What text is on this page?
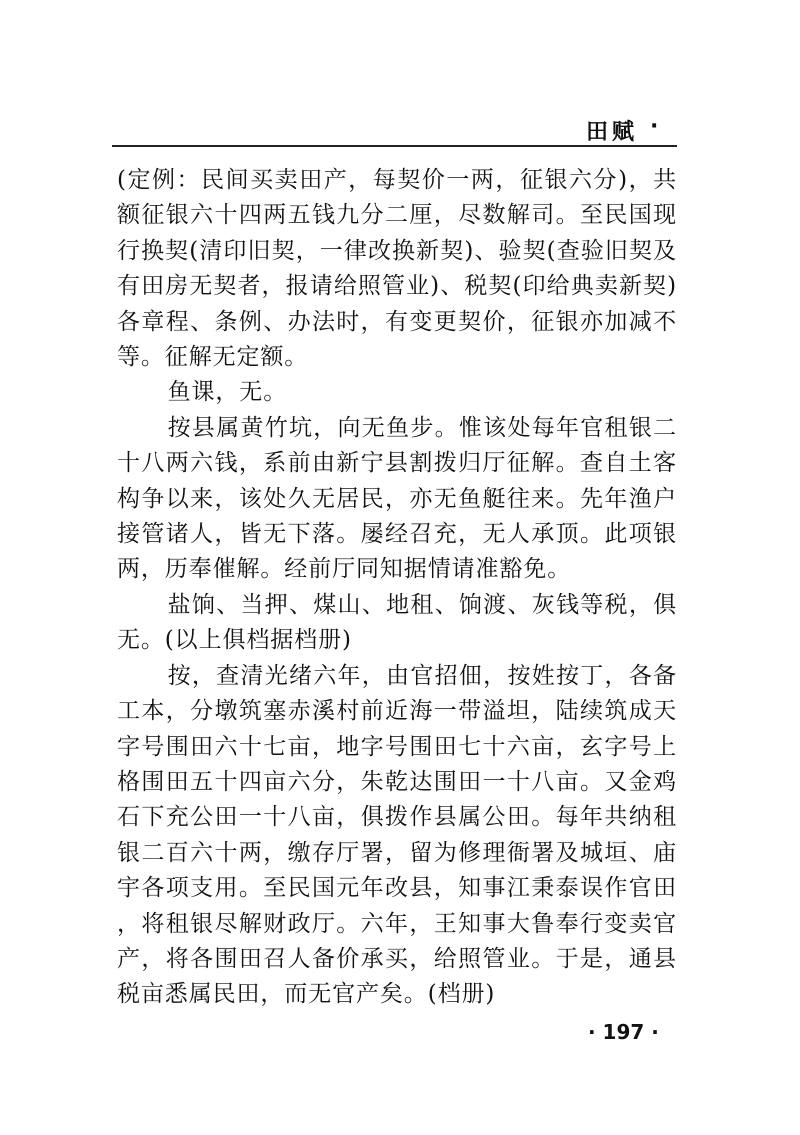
田赋 ·

(定例：民间买卖田产，每契价一两，征银六分)，共额征银六十四两五钱九分二厘，尽数解司。至民国现行换契(清印旧契，一律改换新契)、验契(查验旧契及有田房无契者，报请给照管业)、税契(印给典卖新契)各章程、条例、办法时，有变更契价，征银亦加减不等。征解无定额。

鱼课，无。

按县属黄竹坑，向无鱼步。惟该处每年官租银二十八两六钱，系前由新宁县割拨归厅征解。查自土客构争以来，该处久无居民，亦无鱼艇往来。先年渔户接管诸人，皆无下落。屡经召充，无人承顶。此项银两，历奉催解。经前厅同知据情请准豁免。

盐饷、当押、煤山、地租、饷渡、灰钱等税，俱无。(以上俱档据档册)

按，查清光绪六年，由官招佃，按姓按丁，各备工本，分墩筑塞赤溪村前近海一带溢坦，陆续筑成天字号围田六十七亩，地字号围田七十六亩，玄字号上格围田五十四亩六分，朱乾达围田一十八亩。又金鸡石下充公田一十八亩，俱拨作县属公田。每年共纳租银二百六十两，缴存厅署，留为修理衙署及城垣、庙宇各项支用。至民国元年改县，知事江秉泰误作官田，将租银尽解财政厅。六年，王知事大鲁奉行变卖官产，将各围田召人备价承买，给照管业。于是，通县税亩悉属民田，而无官产矣。(档册)

· 197 ·
